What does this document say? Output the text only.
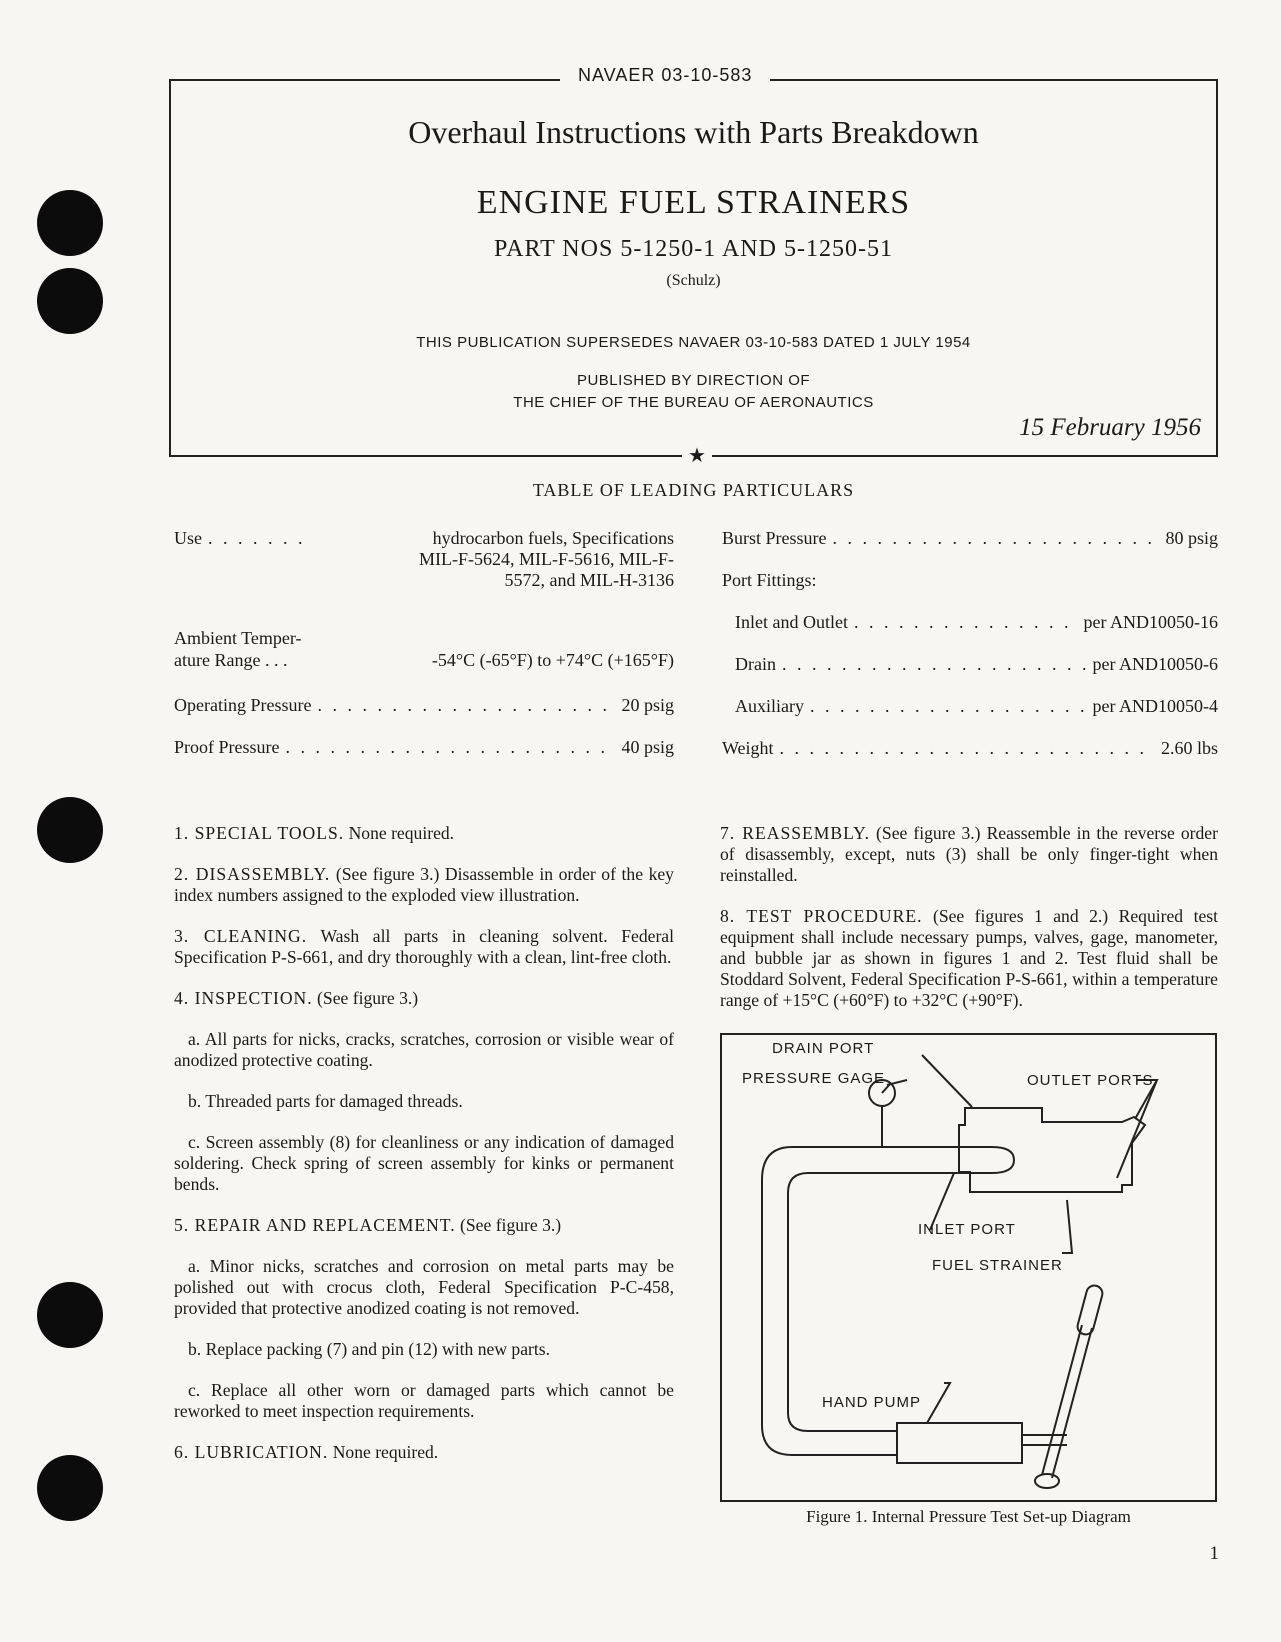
NAVAER 03-10-583
Overhaul Instructions with Parts Breakdown
ENGINE FUEL STRAINERS
PART NOS 5-1250-1 AND 5-1250-51
(Schulz)
THIS PUBLICATION SUPERSEDES NAVAER 03-10-583 DATED 1 JULY 1954
PUBLISHED BY DIRECTION OF
THE CHIEF OF THE BUREAU OF AERONAUTICS
15 February 1956
★
TABLE OF LEADING PARTICULARS
Use . . .	hydrocarbon fuels, Specifications
MIL-F-5624, MIL-F-5616, MIL-F-
5572, and MIL-H-3136
Ambient Temper-
ature Range . . .	-54°C (-65°F) to +74°C (+165°F)
Operating Pressure . . .	20 psig
Proof Pressure . . .	40 psig
Burst Pressure . . .	80 psig
Port Fittings:
Inlet and Outlet . . .	per AND10050-16
Drain . . .	per AND10050-6
Auxiliary . . .	per AND10050-4
Weight . . .	2.60 lbs

1. SPECIAL TOOLS. None required.

2. DISASSEMBLY. (See figure 3.) Disassemble in order of the key index numbers assigned to the exploded view illustration.

3. CLEANING. Wash all parts in cleaning solvent. Federal Specification P-S-661, and dry thoroughly with a clean, lint-free cloth.

4. INSPECTION. (See figure 3.)

a. All parts for nicks, cracks, scratches, corrosion or visible wear of anodized protective coating.

b. Threaded parts for damaged threads.

c. Screen assembly (8) for cleanliness or any indication of damaged soldering. Check spring of screen assembly for kinks or permanent bends.

5. REPAIR AND REPLACEMENT. (See figure 3.)

a. Minor nicks, scratches and corrosion on metal parts may be polished out with crocus cloth, Federal Specification P-C-458, provided that protective anodized coating is not removed.

b. Replace packing (7) and pin (12) with new parts.

c. Replace all other worn or damaged parts which cannot be reworked to meet inspection requirements.

6. LUBRICATION. None required.

7. REASSEMBLY. (See figure 3.) Reassemble in the reverse order of disassembly, except, nuts (3) shall be only finger-tight when reinstalled.

8. TEST PROCEDURE. (See figures 1 and 2.) Required test equipment shall include necessary pumps, valves, gage, manometer, and bubble jar as shown in figures 1 and 2. Test fluid shall be Stoddard Solvent, Federal Specification P-S-661, within a temperature range of +15°C (+60°F) to +32°C (+90°F).

DRAIN PORT
PRESSURE GAGE	OUTLET PORTS
INLET PORT
FUEL STRAINER
HAND PUMP
Figure 1. Internal Pressure Test Set-up Diagram
1
